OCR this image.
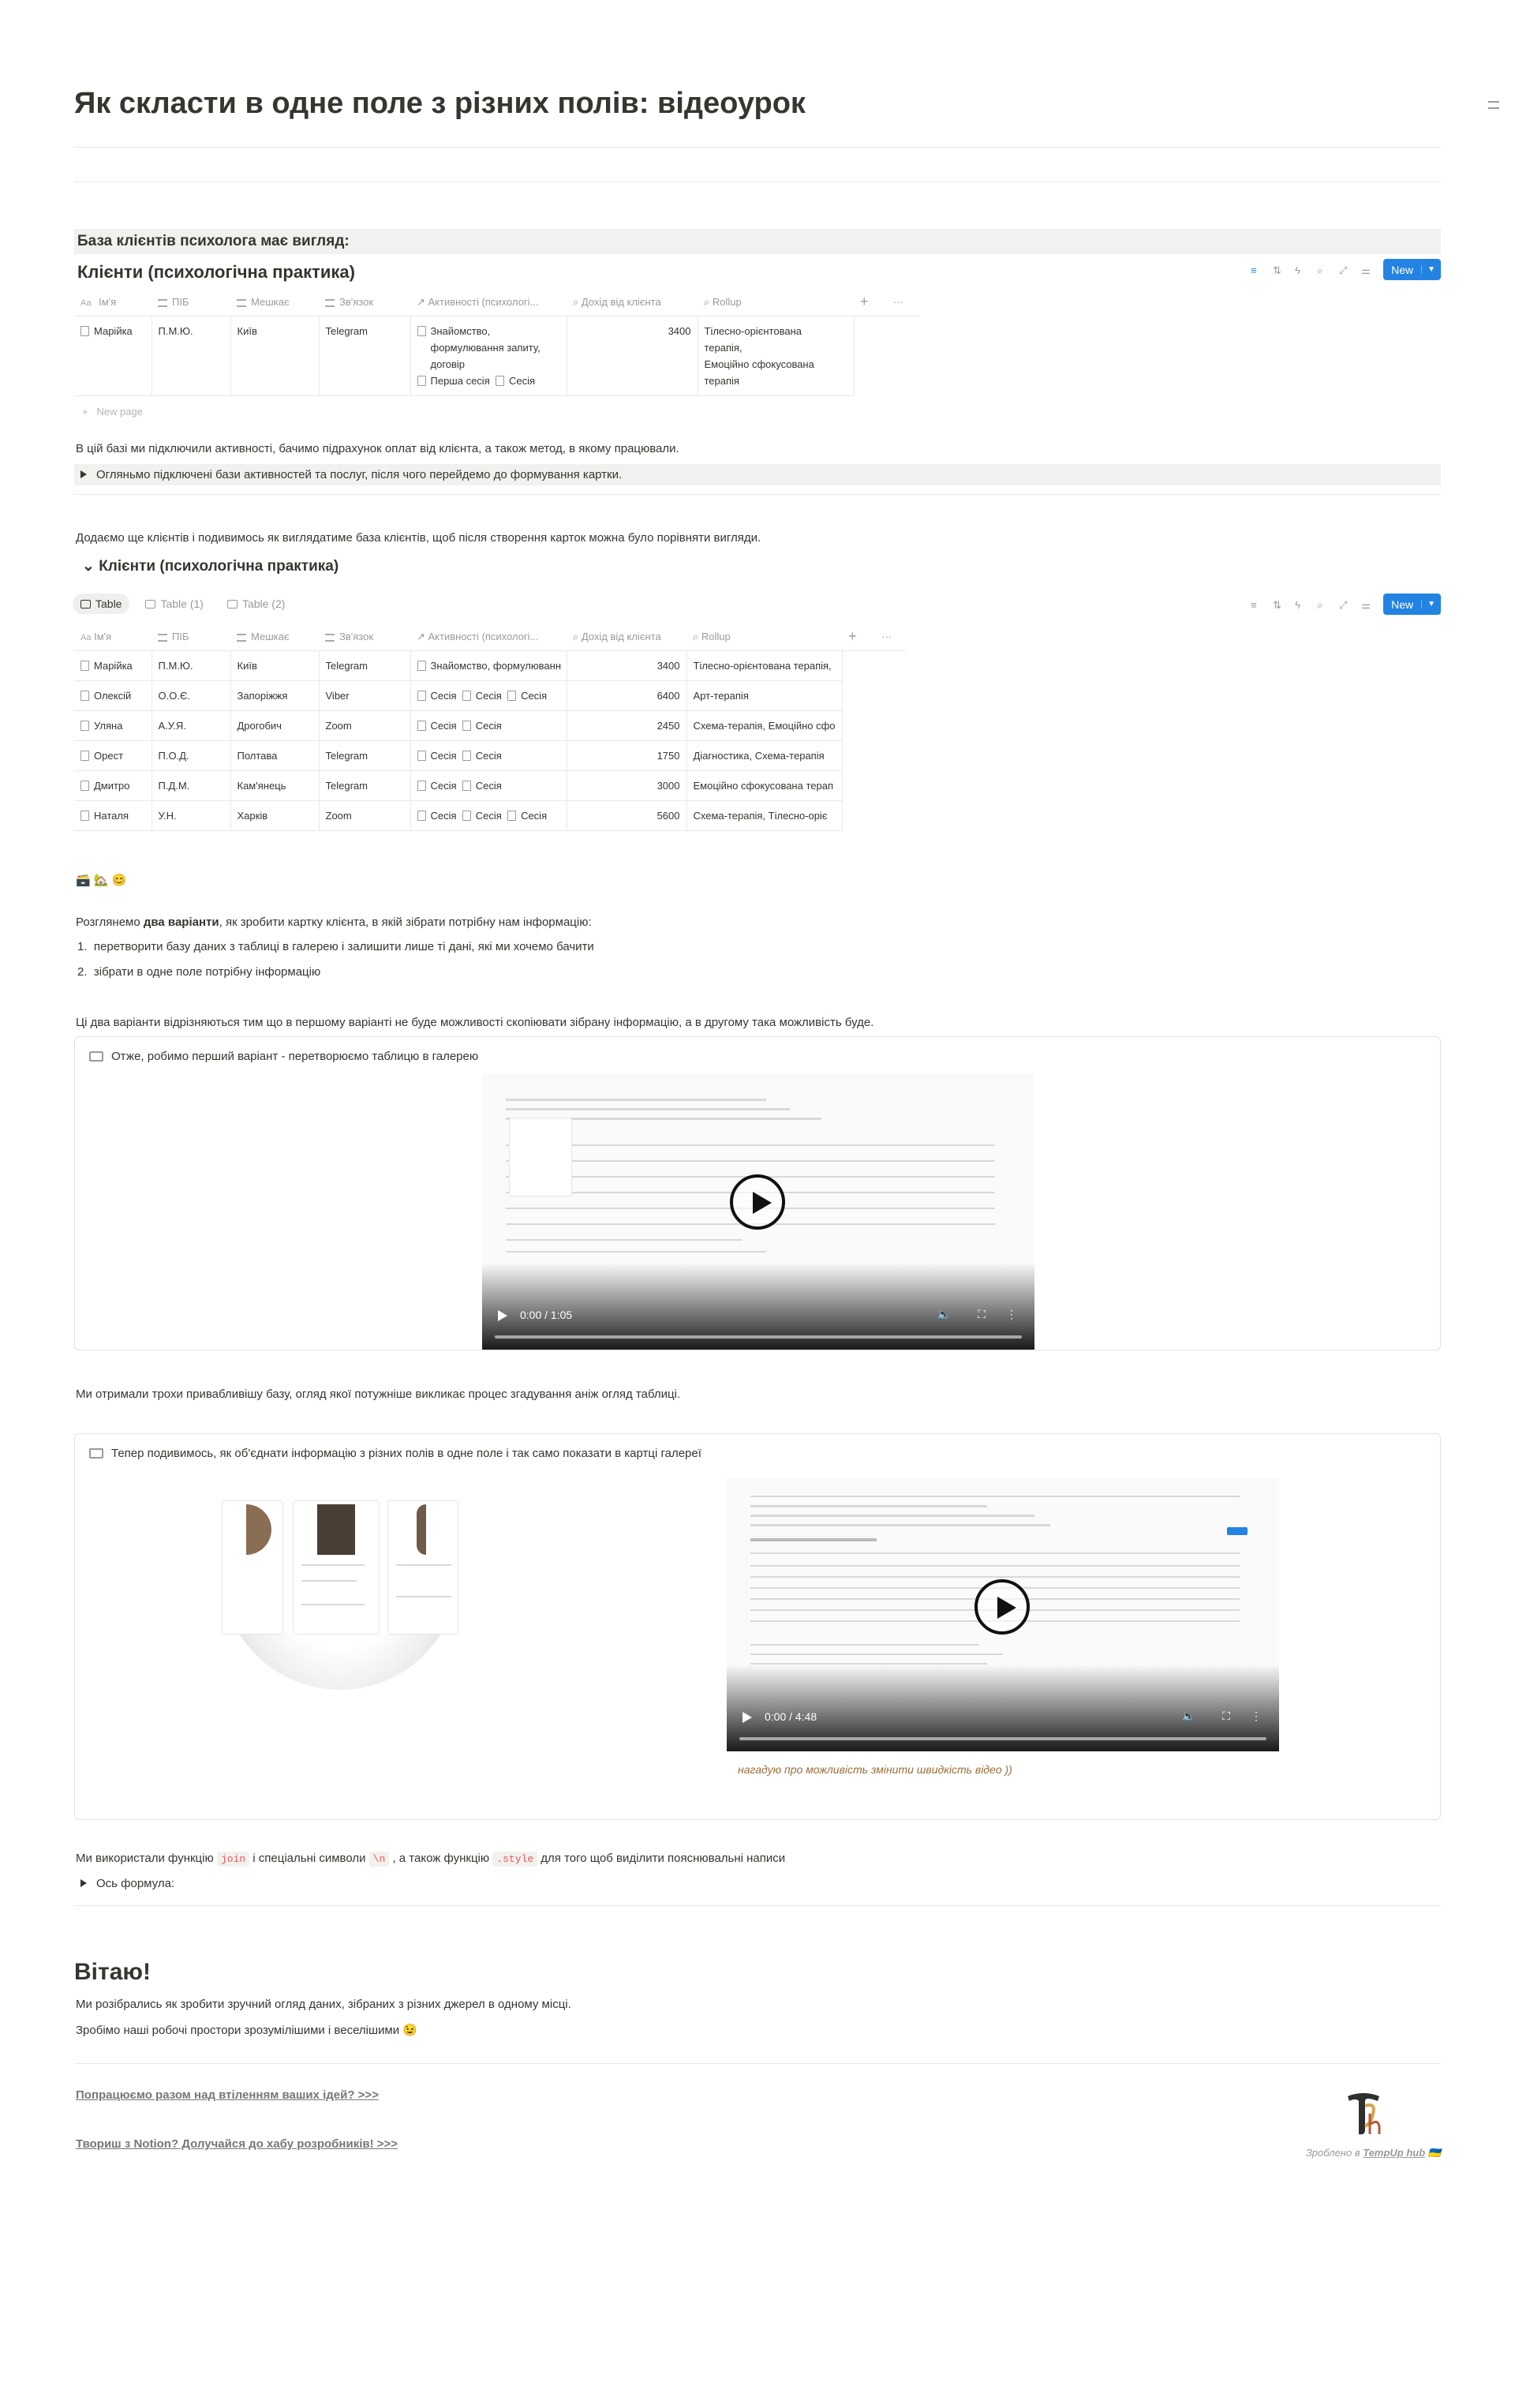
Як скласти в одне поле з різних полів: відеоурок
База клієнтів психолога має вигляд:
Клієнти (психологічна практика)	≡	⇅ ϟ	⌕	⤢ ⚌ New	▼
Aa Ім'я	ПІБ	Мешкає	Зв'язок	↗ Активності (психологі...	⌕ Дохід від клієнта	⌕ Rollup	+	···
Марійка	П.М.Ю.	Київ	Telegram	Знайомство,
формулювання запиту,
договір
Перша сесія Сесія	3400	Тілесно-орієнтована
терапія,
Емоційно сфокусована
терапія		
+   New page
В цій базі ми підключили активності, бачимо підрахунок оплат від клієнта, а також метод, в якому працювали.
Огляньмо підключені бази активностей та послуг, після чого перейдемо до формування картки.
Додаємо ще клієнтів і подивимось як виглядатиме база клієнтів, щоб після створення карток можна було порівняти вигляди.
⌄ Клієнти (психологічна практика)
Table	Table (1)	Table (2)	≡	⇅ ϟ	⌕	⤢ ⚌ New	▼
Aa Ім'я	ПІБ	Мешкає	Зв'язок	↗ Активності (психологі...	⌕ Дохід від клієнта	⌕ Rollup	+	···
Марійка	П.М.Ю.	Київ	Telegram	Знайомство, формулюванн	3400	Тілесно-орієнтована терапія,		
Олексій	О.О.Є.	Запоріжжя	Viber	Сесія Сесія Сесія	6400	Арт-терапія		
Уляна	А.У.Я.	Дрогобич	Zoom	Сесія Сесія	2450	Схема-терапія, Емоційно сфо		
Орест	П.О.Д.	Полтава	Telegram	Сесія Сесія	1750	Діагностика, Схема-терапія		
Дмитро	П.Д.М.	Кам'янець	Telegram	Сесія Сесія	3000	Емоційно сфокусована терап		
Наталя	У.Н.	Харків	Zoom	Сесія Сесія Сесія	5600	Схема-терапія, Тілесно-оріє		
🗃️ 🏡 😊
Розглянемо два варіанти, як зробити картку клієнта, в якій зібрати потрібну нам інформацію:
1. перетворити базу даних з таблиці в галерею і залишити лише ті дані, які ми хочемо бачити
2. зібрати в одне поле потрібну інформацію
Ці два варіанти відрізняються тим що в першому варіанті не буде можливості скопіювати зібрану інформацію, а в другому така можливість буде.
Отже, робимо перший варіант - перетворюємо таблицю в галерею
0:00 / 1:05	🔈 ⛶ ⋮
Ми отримали трохи привабливішу базу, огляд якої потужніше викликає процес згадування аніж огляд таблиці.
Тепер подивимось, як об'єднати інформацію з різних полів в одне поле і так само показати в картці галереї
0:00 / 4:48	🔈 ⛶ ⋮
нагадую про можливість змінити швидкість відео ))
Ми використали функцію join і спеціальні символи \n , а також функцію .style для того щоб виділити пояснювальні написи
Ось формула:
Вітаю!
Ми розібрались як зробити зручний огляд даних, зібраних з різних джерел в одному місці.
Зробімо наші робочі простори зрозумілішими і веселішими 😉
Попрацюємо разом над втіленням ваших ідей? >>>
Твориш з Notion? Долучайся до хабу розробників! >>>
Зроблено в TempUp hub 🇺🇦
